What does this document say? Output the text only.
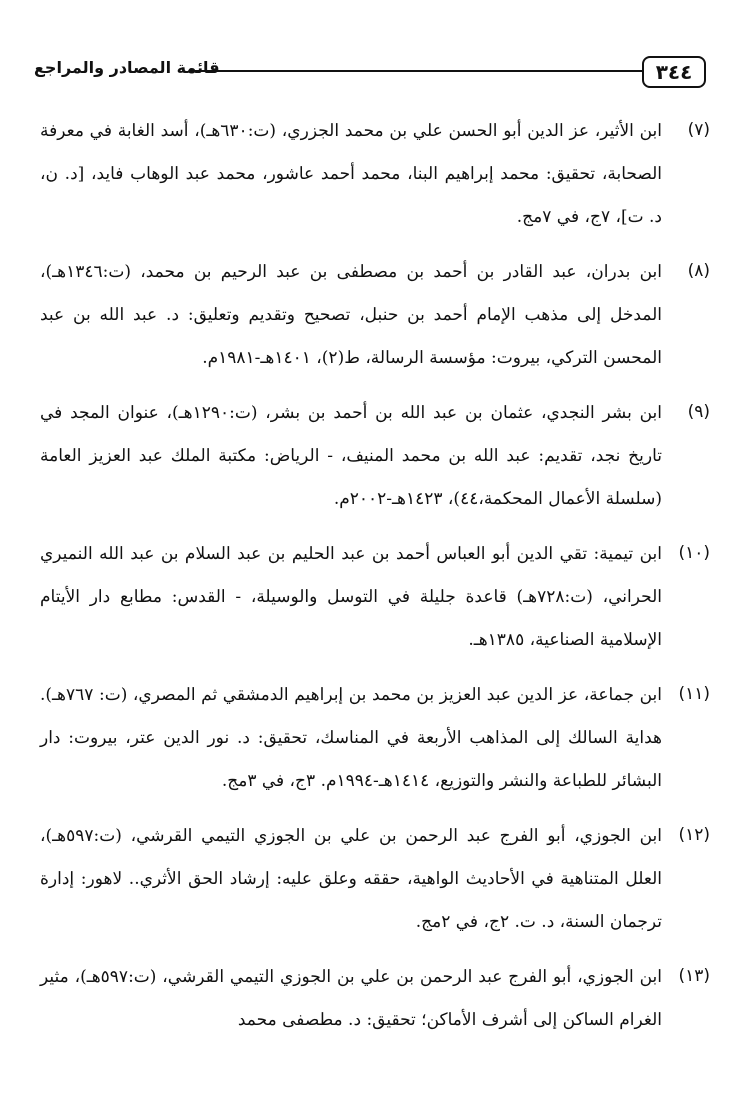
٣٤٤
قائمة المصادر والمراجع
(٧)
ابن الأثير، عز الدين أبو الحسن علي بن محمد الجزري، (ت:٦٣٠هـ)، أسد الغابة في معرفة الصحابة، تحقيق: محمد إبراهيم البنا، محمد أحمد عاشور، محمد عبد الوهاب فايد، [د. ن، د. ت]، ٧ج، في ٧مج.
(٨)
ابن بدران، عبد القادر بن أحمد بن مصطفى بن عبد الرحيم بن محمد، (ت:١٣٤٦هـ)، المدخل إلى مذهب الإمام أحمد بن حنبل، تصحيح وتقديم وتعليق: د. عبد الله بن عبد المحسن التركي، بيروت: مؤسسة الرسالة، ط(٢)، ١٤٠١هـ-١٩٨١م.
(٩)
ابن بشر النجدي، عثمان بن عبد الله بن أحمد بن بشر، (ت:١٢٩٠هـ)، عنوان المجد في تاريخ نجد، تقديم: عبد الله بن محمد المنيف، - الرياض: مكتبة الملك عبد العزيز العامة (سلسلة الأعمال المحكمة،٤٤)، ١٤٢٣هـ-٢٠٠٢م.
(١٠)
ابن تيمية: تقي الدين أبو العباس أحمد بن عبد الحليم بن عبد السلام بن عبد الله النميري الحراني، (ت:٧٢٨هـ) قاعدة جليلة في التوسل والوسيلة، - القدس: مطابع دار الأيتام الإسلامية الصناعية، ١٣٨٥هـ.
(١١)
ابن جماعة، عز الدين عبد العزيز بن محمد بن إبراهيم الدمشقي ثم المصري، (ت: ٧٦٧هـ). هداية السالك إلى المذاهب الأربعة في المناسك، تحقيق: د. نور الدين عتر، بيروت: دار البشائر للطباعة والنشر والتوزيع، ١٤١٤هـ-١٩٩٤م. ٣ج، في ٣مج.
(١٢)
ابن الجوزي، أبو الفرج عبد الرحمن بن علي بن الجوزي التيمي القرشي، (ت:٥٩٧هـ)، العلل المتناهية في الأحاديث الواهية، حققه وعلق عليه: إرشاد الحق الأثري.. لاهور: إدارة ترجمان السنة، د. ت. ٢ج، في ٢مج.
(١٣)
ابن الجوزي، أبو الفرج عبد الرحمن بن علي بن الجوزي التيمي القرشي، (ت:٥٩٧هـ)، مثير الغرام الساكن إلى أشرف الأماكن؛ تحقيق: د. مطصفى محمد
